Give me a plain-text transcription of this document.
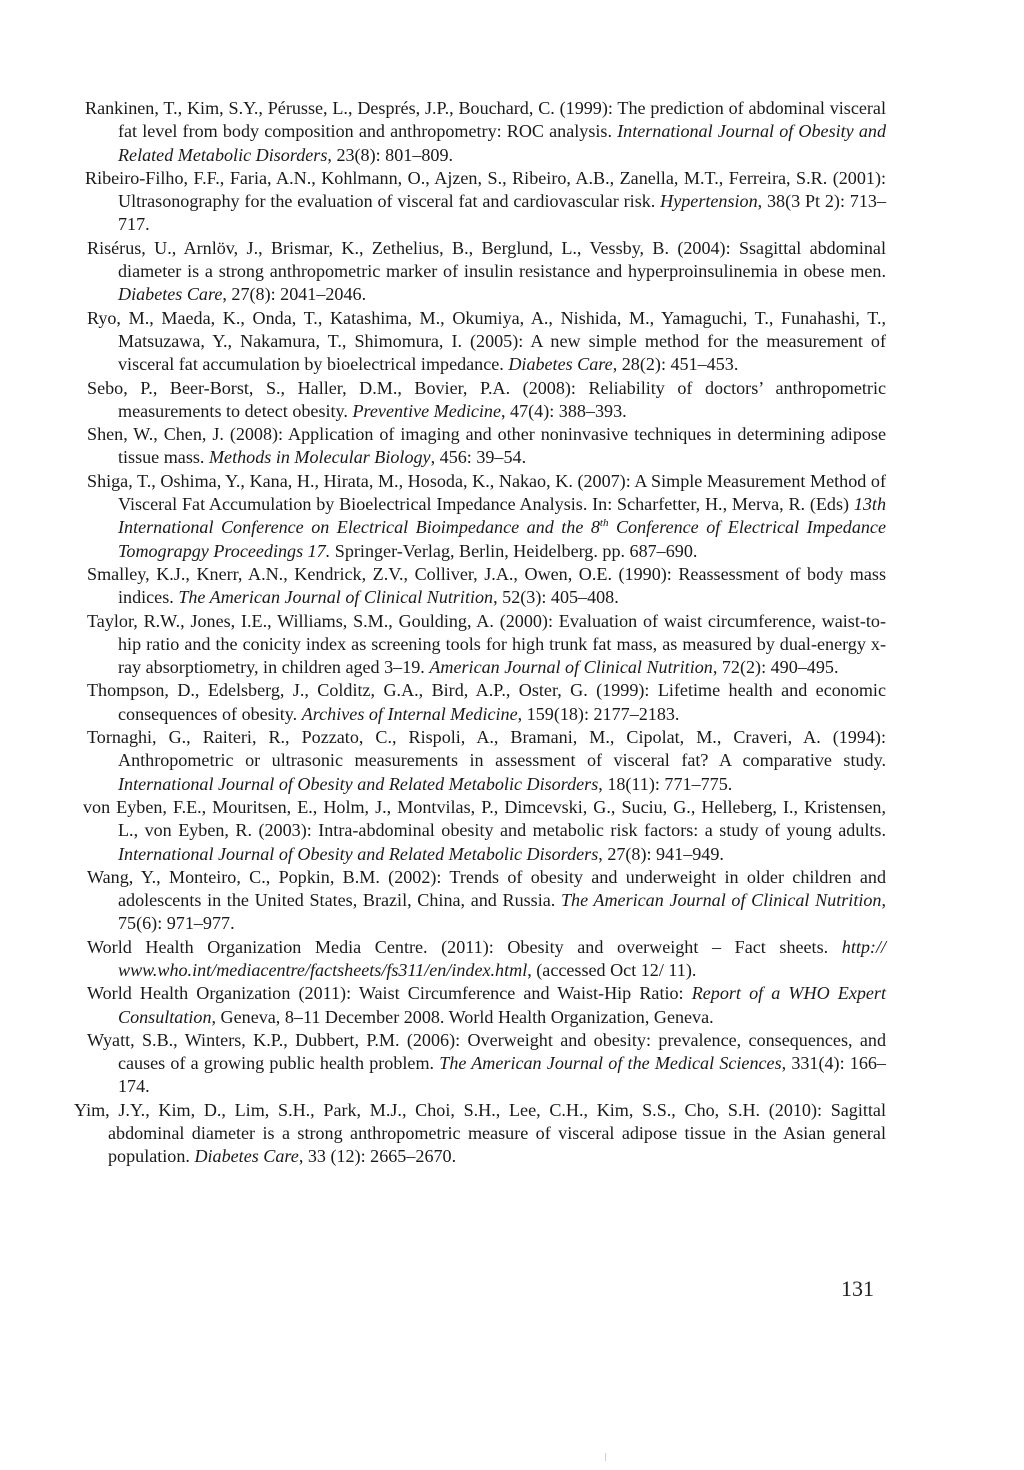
Rankinen, T., Kim, S.Y., Pérusse, L., Després, J.P., Bouchard, C. (1999): The prediction of abdominal visceral fat level from body composition and anthropometry: ROC analysis. International Journal of Obesity and Related Metabolic Disorders, 23(8): 801–809.

Ribeiro-Filho, F.F., Faria, A.N., Kohlmann, O., Ajzen, S., Ribeiro, A.B., Zanella, M.T., Ferreira, S.R. (2001): Ultrasonography for the evaluation of visceral fat and cardiovascular risk. Hypertension, 38(3 Pt 2): 713–717.

Risérus, U., Arnlöv, J., Brismar, K., Zethelius, B., Berglund, L., Vessby, B. (2004): Ssagittal abdominal diameter is a strong anthropometric marker of insulin resistance and hyperproinsulinemia in obese men. Diabetes Care, 27(8): 2041–2046.

Ryo, M., Maeda, K., Onda, T., Katashima, M., Okumiya, A., Nishida, M., Yamaguchi, T., Funahashi, T., Matsuzawa, Y., Nakamura, T., Shimomura, I. (2005): A new simple method for the measurement of visceral fat accumulation by bioelectrical impedance. Diabetes Care, 28(2): 451–453.

Sebo, P., Beer-Borst, S., Haller, D.M., Bovier, P.A. (2008): Reliability of doctors’ anthropometric measurements to detect obesity. Preventive Medicine, 47(4): 388–393.

Shen, W., Chen, J. (2008): Application of imaging and other noninvasive techniques in determining adipose tissue mass. Methods in Molecular Biology, 456: 39–54.

Shiga, T., Oshima, Y., Kana, H., Hirata, M., Hosoda, K., Nakao, K. (2007): A Simple Measurement Method of Visceral Fat Accumulation by Bioelectrical Impedance Analysis. In: Scharfetter, H., Merva, R. (Eds) 13th International Conference on Electrical Bioimpedance and the 8th Conference of Electrical Impedance Tomograpgy Proceedings 17. Springer-Verlag, Berlin, Heidelberg. pp. 687–690.

Smalley, K.J., Knerr, A.N., Kendrick, Z.V., Colliver, J.A., Owen, O.E. (1990): Reassessment of body mass indices. The American Journal of Clinical Nutrition, 52(3): 405–408.

Taylor, R.W., Jones, I.E., Williams, S.M., Goulding, A. (2000): Evaluation of waist circumference, waist-to-hip ratio and the conicity index as screening tools for high trunk fat mass, as measured by dual-energy x-ray absorptiometry, in children aged 3–19. American Journal of Clinical Nutrition, 72(2): 490–495.

Thompson, D., Edelsberg, J., Colditz, G.A., Bird, A.P., Oster, G. (1999): Lifetime health and economic consequences of obesity. Archives of Internal Medicine, 159(18): 2177–2183.

Tornaghi, G., Raiteri, R., Pozzato, C., Rispoli, A., Bramani, M., Cipolat, M., Craveri, A. (1994): Anthropometric or ultrasonic measurements in assessment of visceral fat? A comparative study. International Journal of Obesity and Related Metabolic Disorders, 18(11): 771–775.

von Eyben, F.E., Mouritsen, E., Holm, J., Montvilas, P., Dimcevski, G., Suciu, G., Helleberg, I., Kristensen, L., von Eyben, R. (2003): Intra-abdominal obesity and metabolic risk factors: a study of young adults. International Journal of Obesity and Related Metabolic Disorders, 27(8): 941–949.

Wang, Y., Monteiro, C., Popkin, B.M. (2002): Trends of obesity and underweight in older children and adolescents in the United States, Brazil, China, and Russia. The American Journal of Clinical Nutrition, 75(6): 971–977.

World Health Organization Media Centre. (2011): Obesity and overweight – Fact sheets. http:// www.who.int/mediacentre/factsheets/fs311/en/index.html, (accessed Oct 12/ 11).

World Health Organization (2011): Waist Circumference and Waist-Hip Ratio: Report of a WHO Expert Consultation, Geneva, 8–11 December 2008. World Health Organization, Geneva.

Wyatt, S.B., Winters, K.P., Dubbert, P.M. (2006): Overweight and obesity: prevalence, consequences, and causes of a growing public health problem. The American Journal of the Medical Sciences, 331(4): 166–174.

Yim, J.Y., Kim, D., Lim, S.H., Park, M.J., Choi, S.H., Lee, C.H., Kim, S.S., Cho, S.H. (2010): Sagittal abdominal diameter is a strong anthropometric measure of visceral adipose tissue in the Asian general population. Diabetes Care, 33 (12): 2665–2670.

131
